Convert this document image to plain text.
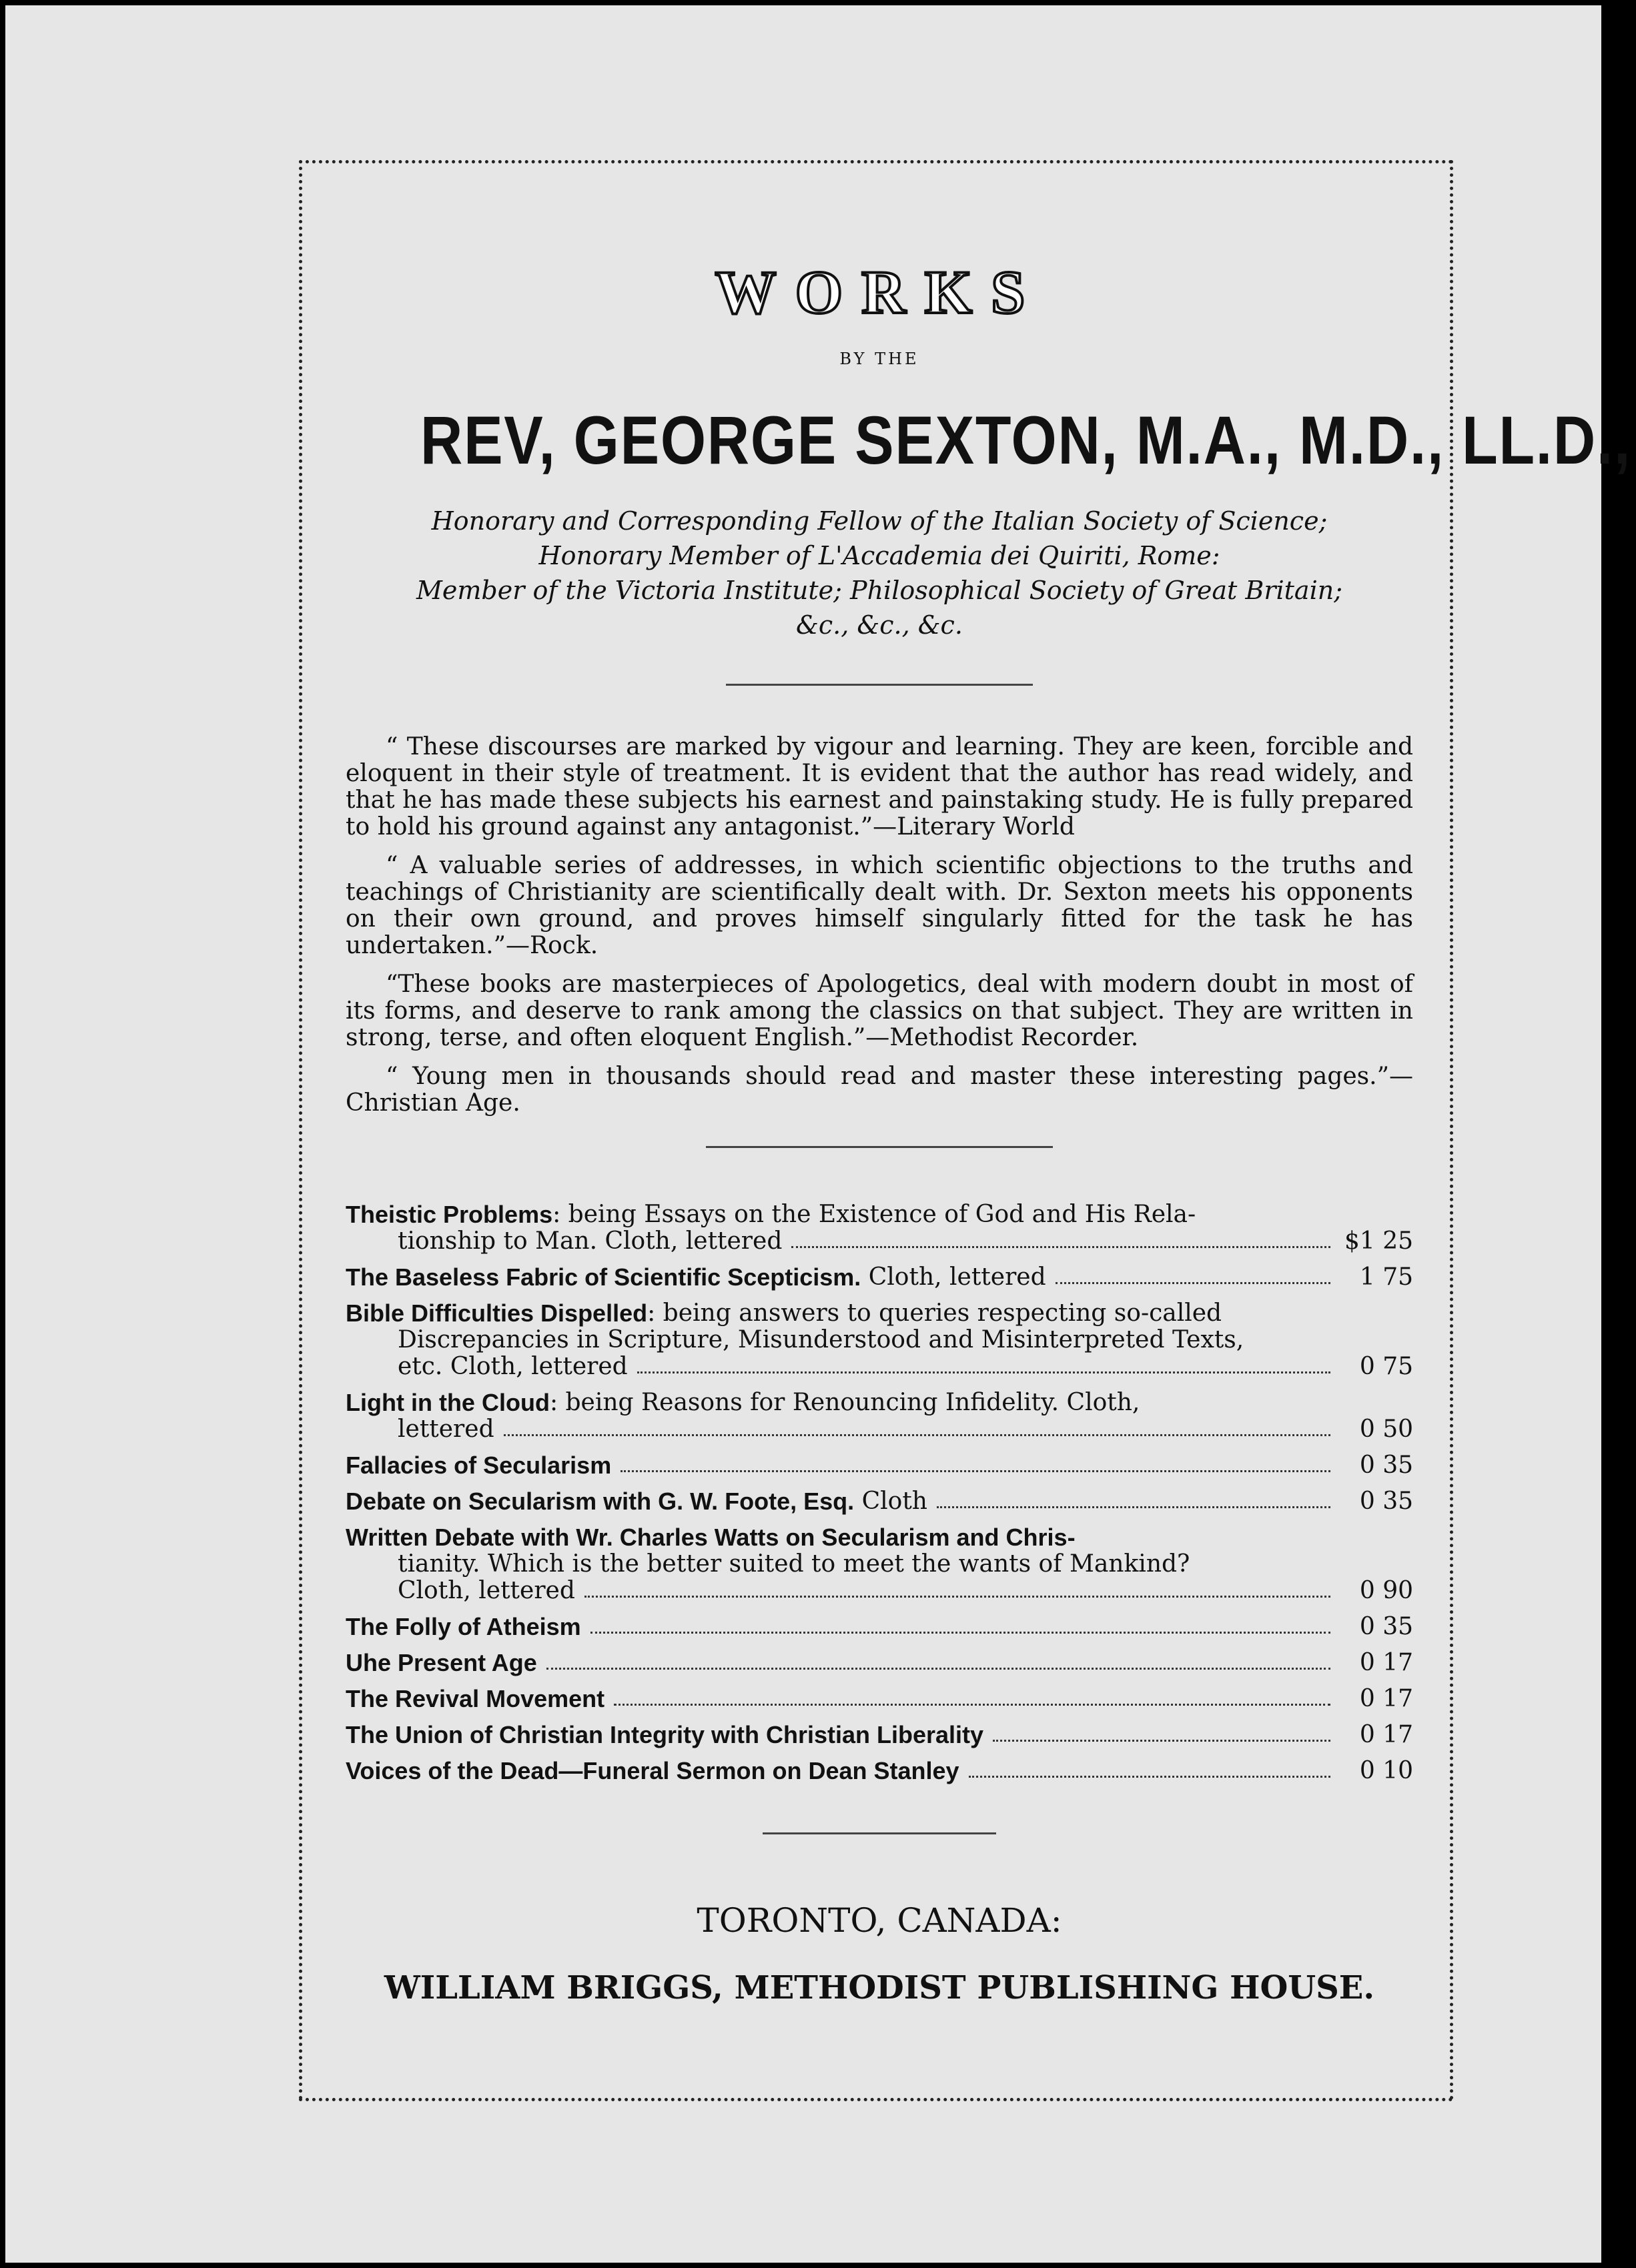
WORKS
BY THE
REV, GEORGE SEXTON, M.A., M.D., LL.D.,
Honorary and Corresponding Fellow of the Italian Society of Science;
Honorary Member of L'Accademia dei Quiriti, Rome:
Member of the Victoria Institute; Philosophical Society of Great Britain;
&c., &c., &c.

“ These discourses are marked by vigour and learning. They are keen, forcible and eloquent in their style of treatment. It is evident that the author has read widely, and that he has made these subjects his earnest and painstaking study. He is fully prepared to hold his ground against any antagonist.”—Literary World

“ A valuable series of addresses, in which scientific objections to the truths and teachings of Christianity are scientifically dealt with. Dr. Sexton meets his opponents on their own ground, and proves himself singularly fitted for the task he has undertaken.”—Rock.

“These books are masterpieces of Apologetics, deal with modern doubt in most of its forms, and deserve to rank among the classics on that subject. They are written in strong, terse, and often eloquent English.”—Methodist Recorder.

“ Young men in thousands should read and master these interesting pages.”—Christian Age.

Theistic Problems : being Essays on the Existence of God and His Rela-
tionship to Man. Cloth, lettered	$1 25
The Baseless Fabric of Scientific Scepticism.
Cloth, lettered	1 75
Bible Difficulties Dispelled : being answers to queries respecting so-called
Discrepancies in Scripture, Misunderstood and Misinterpreted Texts,
etc. Cloth, lettered	0 75
Light in the Cloud : being Reasons for Renouncing Infidelity. Cloth,
lettered	0 50
Fallacies of Secularism	0 35
Debate on Secularism with G. W. Foote, Esq.
Cloth	0 35
Written Debate with Wr. Charles Watts on Secularism and Chris-
tianity. Which is the better suited to meet the wants of Mankind?
Cloth, lettered	0 90
The Folly of Atheism	0 35
Uhe Present Age	0 17
The Revival Movement	0 17
The Union of Christian Integrity with Christian Liberality	0 17
Voices of the Dead—Funeral Sermon on Dean Stanley	0 10
TORONTO, CANADA:
WILLIAM BRIGGS, METHODIST PUBLISHING HOUSE.
